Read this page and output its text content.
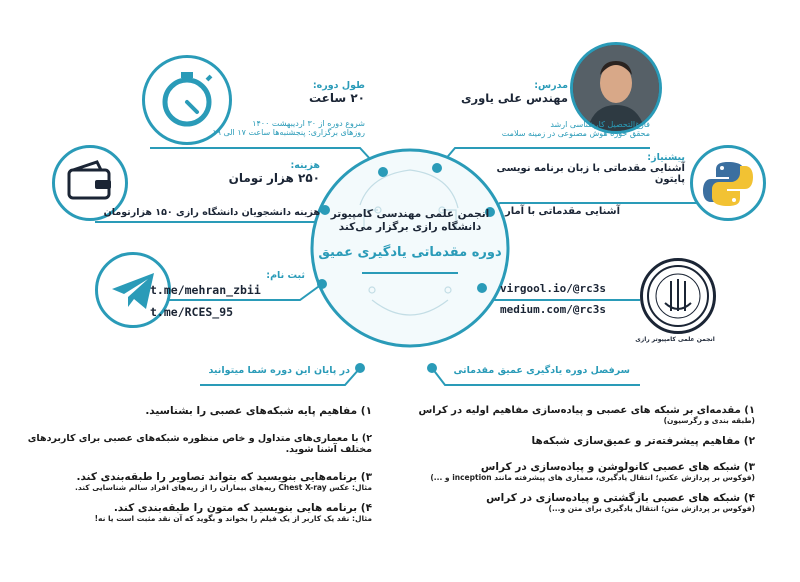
انجمن علمی مهندسی کامپیوتر
دانشگاه رازی برگزار می‌کند
دوره مقدماتی یادگیری عمیق
طول دوره:
۲۰ ساعت
شروع دوره از ۳۰ اردیبهشت ۱۴۰۰
روزهای برگزاری: پنجشنبه‌ها ساعت ۱۷ الی ۱۹
هزینه:
۲۵۰ هزار تومان
هزینه دانشجویان دانشگاه رازی ۱۵۰ هزارتومان
ثبت نام:
t.me/mehran_zbii
t.me/RCES_95
مدرس:
مهندس علی یاوری
فارغ‌التحصیل کارشناسی ارشد
محقق حوزه هوش مصنوعی در زمینه سلامت
پیشنیاز:
آشنایی مقدماتی با زبان برنامه نویسی پایتون
آشنایی مقدماتی با آمار
انجمن علمی کامپیوتر رازی
virgool.io/@rc3s
medium.com/@rc3s
در پایان این دوره شما میتوانید	سرفصل دوره یادگیری عمیق مقدماتی
۱) مفاهیم پایه شبکه‌های عصبی را بشناسید.
۲) با معماری‌های متداول و خاص منظوره شبکه‌های عصبی برای کاربردهای مختلف آشنا شوید.
۳) برنامه‌هایی بنویسید که بتواند تصاویر را طبقه‌بندی کند.
مثال: عکس Chest X-ray ریه‌های بیماران را از ریه‌های افراد سالم شناسایی کند.
۴) برنامه هایی بنویسید که متون را طبقه‌بندی کند.
مثال: نقد یک کاربر از یک فیلم را بخواند و بگوید که آن نقد مثبت است یا نه!
۱) مقدمه‌ای بر شبکه های عصبی و پیاده‌سازی مفاهیم اولیه در کراس
(طبقه بندی و رگرسیون)
۲) مفاهیم پیشرفته‌تر و عمیق‌سازی شبکه‌ها
۳) شبکه های عصبی کانولوشن و پیاده‌سازی در کراس
(فوکوس بر پردازش عکس؛ انتقال یادگیری، معماری های پیشرفته مانند inception و ...)
۴) شبکه های عصبی بازگشتی و پیاده‌سازی در کراس
(فوکوس بر پردازش متن؛ انتقال یادگیری برای متن و...)
